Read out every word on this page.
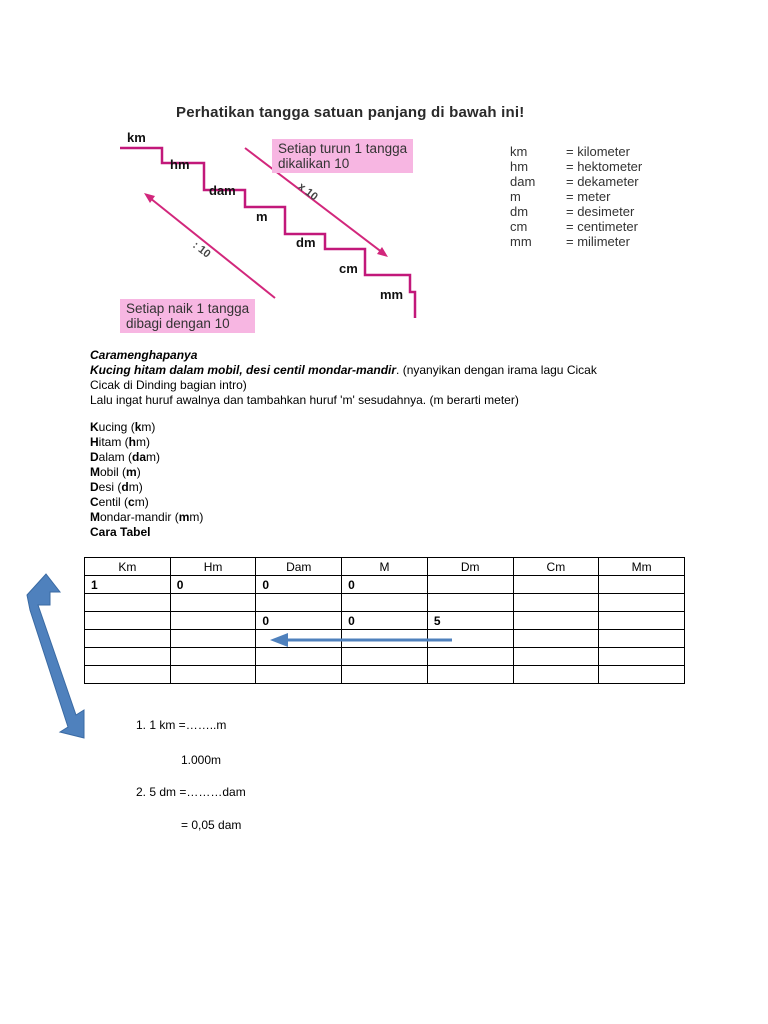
Perhatikan tangga satuan panjang di bawah ini!
Setiap turun 1 tangga
dikalikan 10
Setiap naik 1 tangga
dibagi dengan 10
x 10
: 10
km
hm
dam
m
dm
cm
mm
km	= kilometer
hm	= hektometer
dam	= dekameter
m	= meter
dm	= desimeter
cm	= centimeter
mm	= milimeter
Caramenghapanya
Kucing hitam dalam mobil, desi centil mondar-mandir. (nyanyikan dengan irama lagu Cicak
Cicak di Dinding bagian intro)
Lalu ingat huruf awalnya dan tambahkan huruf 'm' sesudahnya. (m berarti meter)
Kucing (km)
Hitam (hm)
Dalam (dam)
Mobil (m)
Desi (dm)
Centil (cm)
Mondar-mandir (mm)
Cara Tabel
Km	Hm	Dam	M	Dm	Cm	Mm
1	0	0	0			

		0	0	5		

1. 1 km =……..m
1.000m
2. 5 dm =………dam
= 0,05 dam
